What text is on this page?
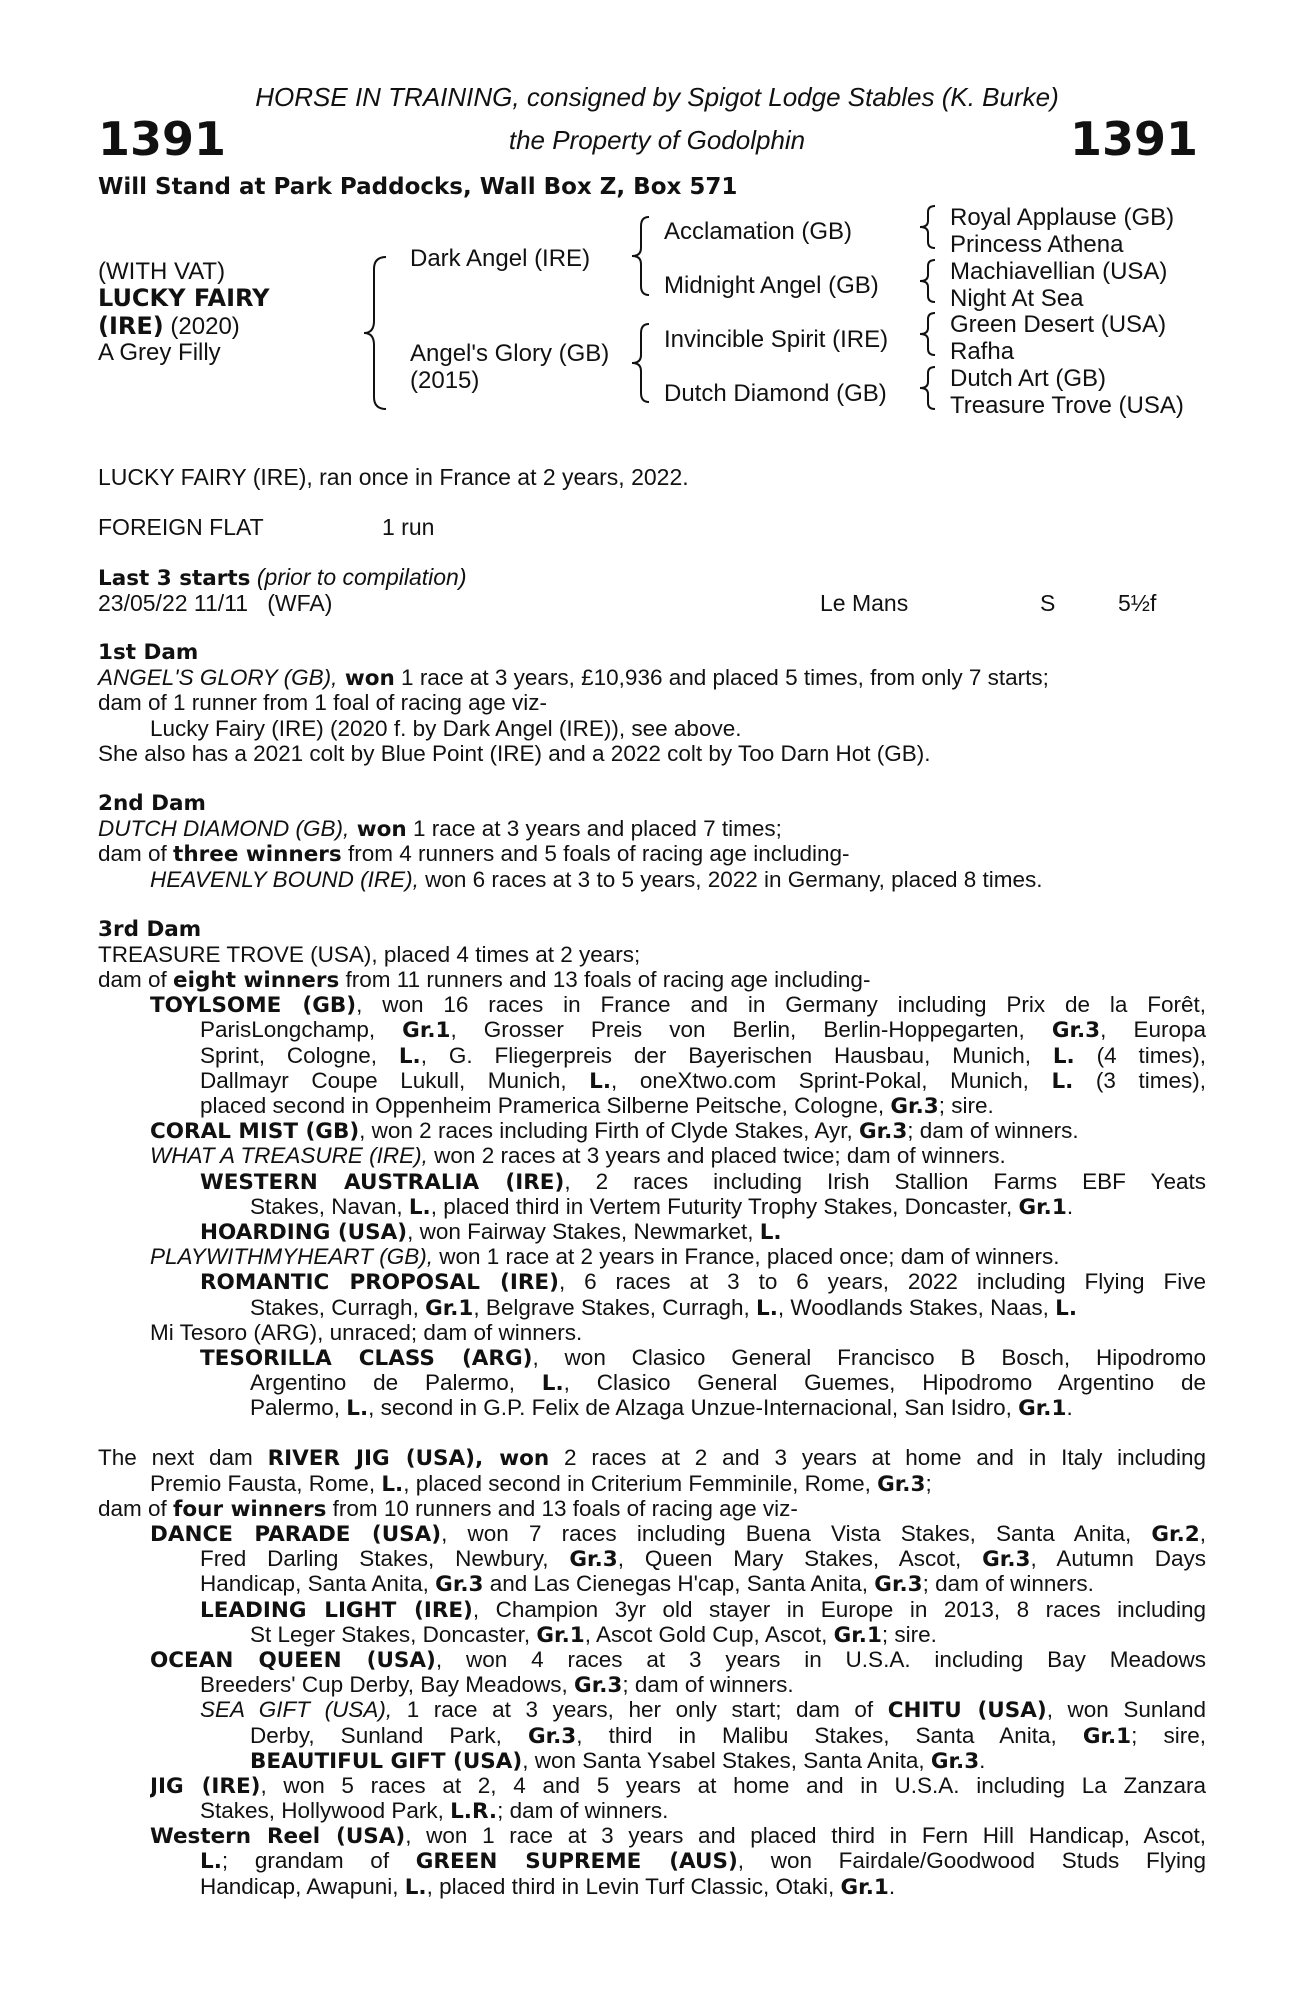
1391	1391
HORSE IN TRAINING, consigned by Spigot Lodge Stables (K. Burke)
the Property of Godolphin
Will Stand at Park Paddocks, Wall Box Z, Box 571
(WITH VAT)
LUCKY FAIRY
(IRE) (2020)
A Grey Filly
Dark Angel (IRE)
Angel's Glory (GB)
(2015)
Acclamation (GB)
Midnight Angel (GB)
Invincible Spirit (IRE)
Dutch Diamond (GB)
Royal Applause (GB)
Princess Athena
Machiavellian (USA)
Night At Sea
Green Desert (USA)
Rafha
Dutch Art (GB)
Treasure Trove (USA)
LUCKY FAIRY (IRE), ran once in France at 2 years, 2022.
FOREIGN FLAT	1 run
Last 3 starts (prior to compilation)
23/05/22 11/11 (WFA)	Le Mans	S	5½f
1st Dam
ANGEL'S GLORY (GB), won 1 race at 3 years, £10,936 and placed 5 times, from only 7 starts;
dam of 1 runner from 1 foal of racing age viz-
Lucky Fairy (IRE) (2020 f. by Dark Angel (IRE)), see above.
She also has a 2021 colt by Blue Point (IRE) and a 2022 colt by Too Darn Hot (GB).
2nd Dam
DUTCH DIAMOND (GB), won 1 race at 3 years and placed 7 times;
dam of three winners from 4 runners and 5 foals of racing age including-
HEAVENLY BOUND (IRE), won 6 races at 3 to 5 years, 2022 in Germany, placed 8 times.
3rd Dam
TREASURE TROVE (USA), placed 4 times at 2 years;
dam of eight winners from 11 runners and 13 foals of racing age including-
TOYLSOME (GB), won 16 races in France and in Germany including Prix de la Forêt,
ParisLongchamp, Gr.1, Grosser Preis von Berlin, Berlin-Hoppegarten, Gr.3, Europa
Sprint, Cologne, L., G. Fliegerpreis der Bayerischen Hausbau, Munich, L. (4 times),
Dallmayr Coupe Lukull, Munich, L., oneXtwo.com Sprint-Pokal, Munich, L. (3 times),
placed second in Oppenheim Pramerica Silberne Peitsche, Cologne, Gr.3; sire.
CORAL MIST (GB), won 2 races including Firth of Clyde Stakes, Ayr, Gr.3; dam of winners.
WHAT A TREASURE (IRE), won 2 races at 3 years and placed twice; dam of winners.
WESTERN AUSTRALIA (IRE), 2 races including Irish Stallion Farms EBF Yeats
Stakes, Navan, L., placed third in Vertem Futurity Trophy Stakes, Doncaster, Gr.1.
HOARDING (USA), won Fairway Stakes, Newmarket, L.
PLAYWITHMYHEART (GB), won 1 race at 2 years in France, placed once; dam of winners.
ROMANTIC PROPOSAL (IRE), 6 races at 3 to 6 years, 2022 including Flying Five
Stakes, Curragh, Gr.1, Belgrave Stakes, Curragh, L., Woodlands Stakes, Naas, L.
Mi Tesoro (ARG), unraced; dam of winners.
TESORILLA CLASS (ARG), won Clasico General Francisco B Bosch, Hipodromo
Argentino de Palermo, L., Clasico General Guemes, Hipodromo Argentino de
Palermo, L., second in G.P. Felix de Alzaga Unzue-Internacional, San Isidro, Gr.1.
The next dam RIVER JIG (USA), won 2 races at 2 and 3 years at home and in Italy including
Premio Fausta, Rome, L., placed second in Criterium Femminile, Rome, Gr.3;
dam of four winners from 10 runners and 13 foals of racing age viz-
DANCE PARADE (USA), won 7 races including Buena Vista Stakes, Santa Anita, Gr.2,
Fred Darling Stakes, Newbury, Gr.3, Queen Mary Stakes, Ascot, Gr.3, Autumn Days
Handicap, Santa Anita, Gr.3 and Las Cienegas H'cap, Santa Anita, Gr.3; dam of winners.
LEADING LIGHT (IRE), Champion 3yr old stayer in Europe in 2013, 8 races including
St Leger Stakes, Doncaster, Gr.1, Ascot Gold Cup, Ascot, Gr.1; sire.
OCEAN QUEEN (USA), won 4 races at 3 years in U.S.A. including Bay Meadows
Breeders' Cup Derby, Bay Meadows, Gr.3; dam of winners.
SEA GIFT (USA), 1 race at 3 years, her only start; dam of CHITU (USA), won Sunland
Derby, Sunland Park, Gr.3, third in Malibu Stakes, Santa Anita, Gr.1; sire,
BEAUTIFUL GIFT (USA), won Santa Ysabel Stakes, Santa Anita, Gr.3.
JIG (IRE), won 5 races at 2, 4 and 5 years at home and in U.S.A. including La Zanzara
Stakes, Hollywood Park, L.R.; dam of winners.
Western Reel (USA), won 1 race at 3 years and placed third in Fern Hill Handicap, Ascot,
L.; grandam of GREEN SUPREME (AUS), won Fairdale/Goodwood Studs Flying
Handicap, Awapuni, L., placed third in Levin Turf Classic, Otaki, Gr.1.
